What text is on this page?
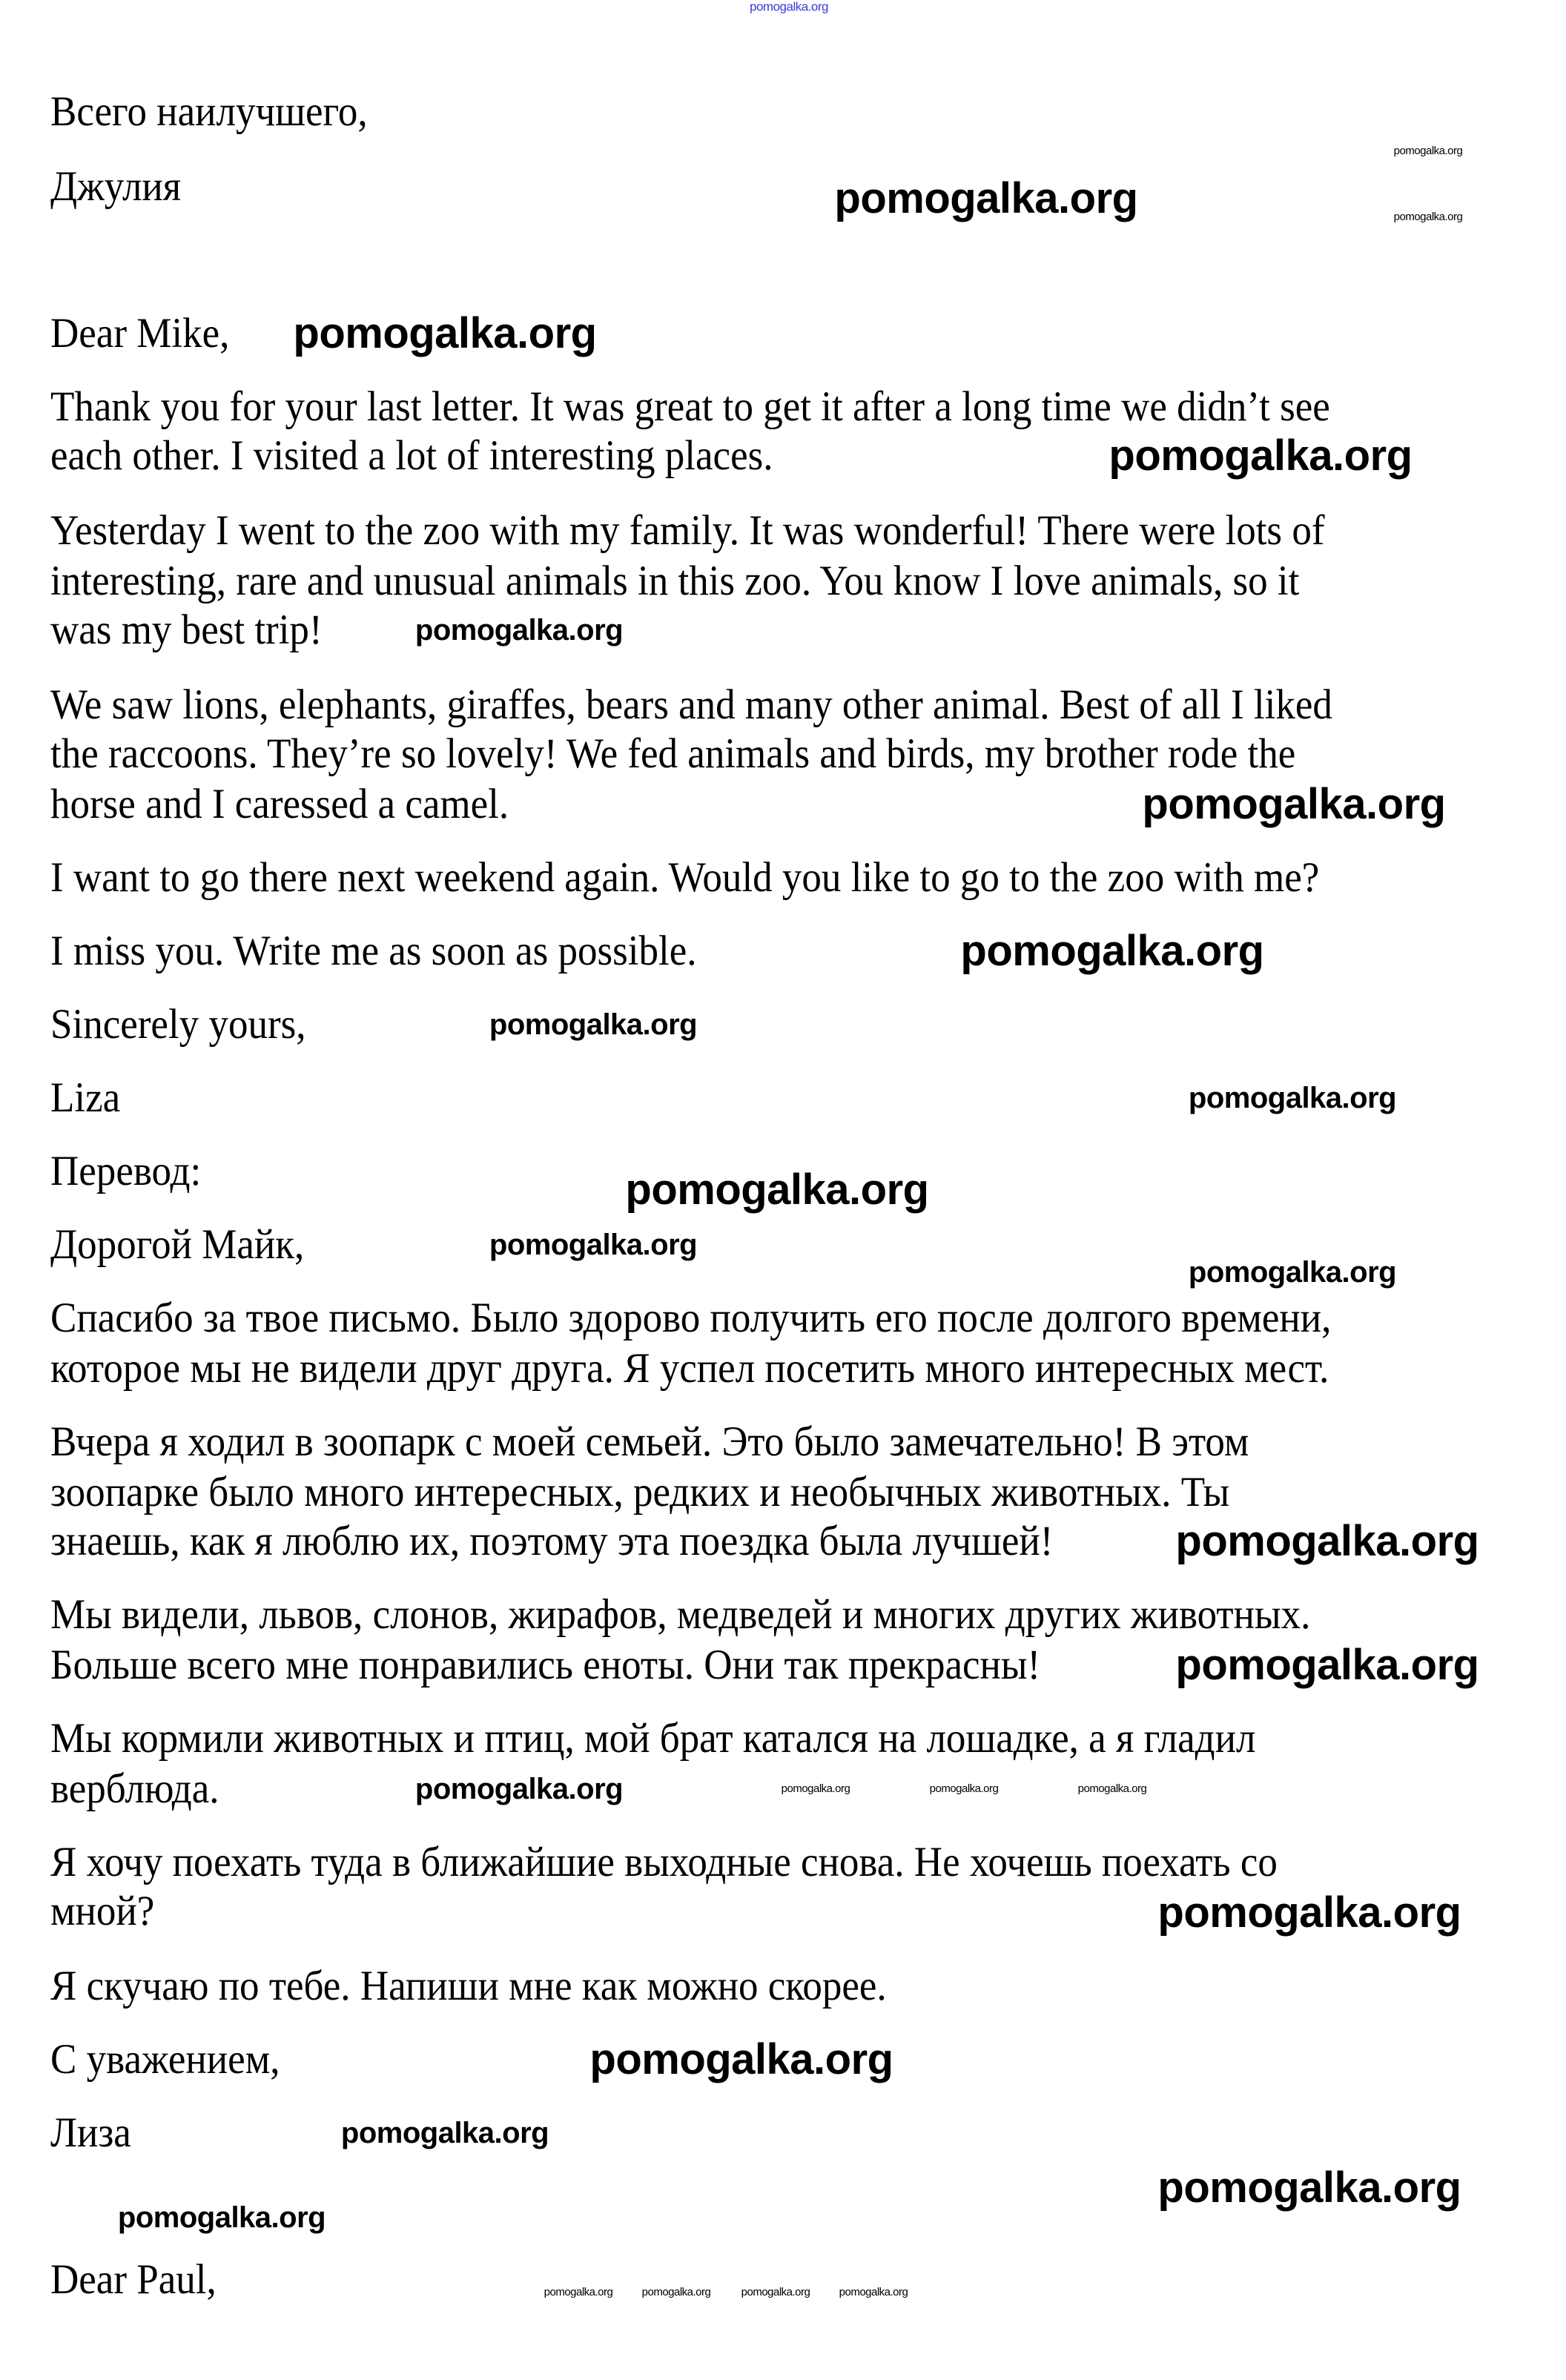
Всего наилучшего,
Джулия
Dear Mike,
Thank you for your last letter. It was great to get it after a long time we didn’t see
each other. I visited a lot of interesting places.
Yesterday I went to the zoo with my family. It was wonderful! There were lots of
interesting, rare and unusual animals in this zoo. You know I love animals, so it
was my best trip!
We saw lions, elephants, giraffes, bears and many other animal. Best of all I liked
the raccoons. They’re so lovely! We fed animals and birds, my brother rode the
horse and I caressed a camel.
I want to go there next weekend again. Would you like to go to the zoo with me?
I miss you. Write me as soon as possible.
Sincerely yours,
Liza
Перевод:
Дорогой Майк,
Спасибо за твое письмо. Было здорово получить его после долгого времени,
которое мы не видели друг друга. Я успел посетить много интересных мест.
Вчера я ходил в зоопарк с моей семьей. Это было замечательно! В этом
зоопарке было много интересных, редких и необычных животных. Ты
знаешь, как я люблю их, поэтому эта поездка была лучшей!
Мы видели, львов, слонов, жирафов, медведей и многих других животных.
Больше всего мне понравились еноты. Они так прекрасны!
Мы кормили животных и птиц, мой брат катался на лошадке, а я гладил
верблюда.
Я хочу поехать туда в ближайшие выходные снова. Не хочешь поехать со
мной?
Я скучаю по тебе. Напиши мне как можно скорее.
С уважением,
Лиза
Dear Paul,
pomogalka.org
pomogalka.org
pomogalka.org
pomogalka.org
pomogalka.org
pomogalka.org
pomogalka.org
pomogalka.org
pomogalka.org
pomogalka.org
pomogalka.org
pomogalka.org
pomogalka.org
pomogalka.org
pomogalka.org
pomogalka.org
pomogalka.org
pomogalka.org
pomogalka.org
pomogalka.org
pomogalka.org
pomogalka.org
pomogalka.org	pomogalka.org	pomogalka.org
pomogalka.org	pomogalka.org	pomogalka.org	pomogalka.org
